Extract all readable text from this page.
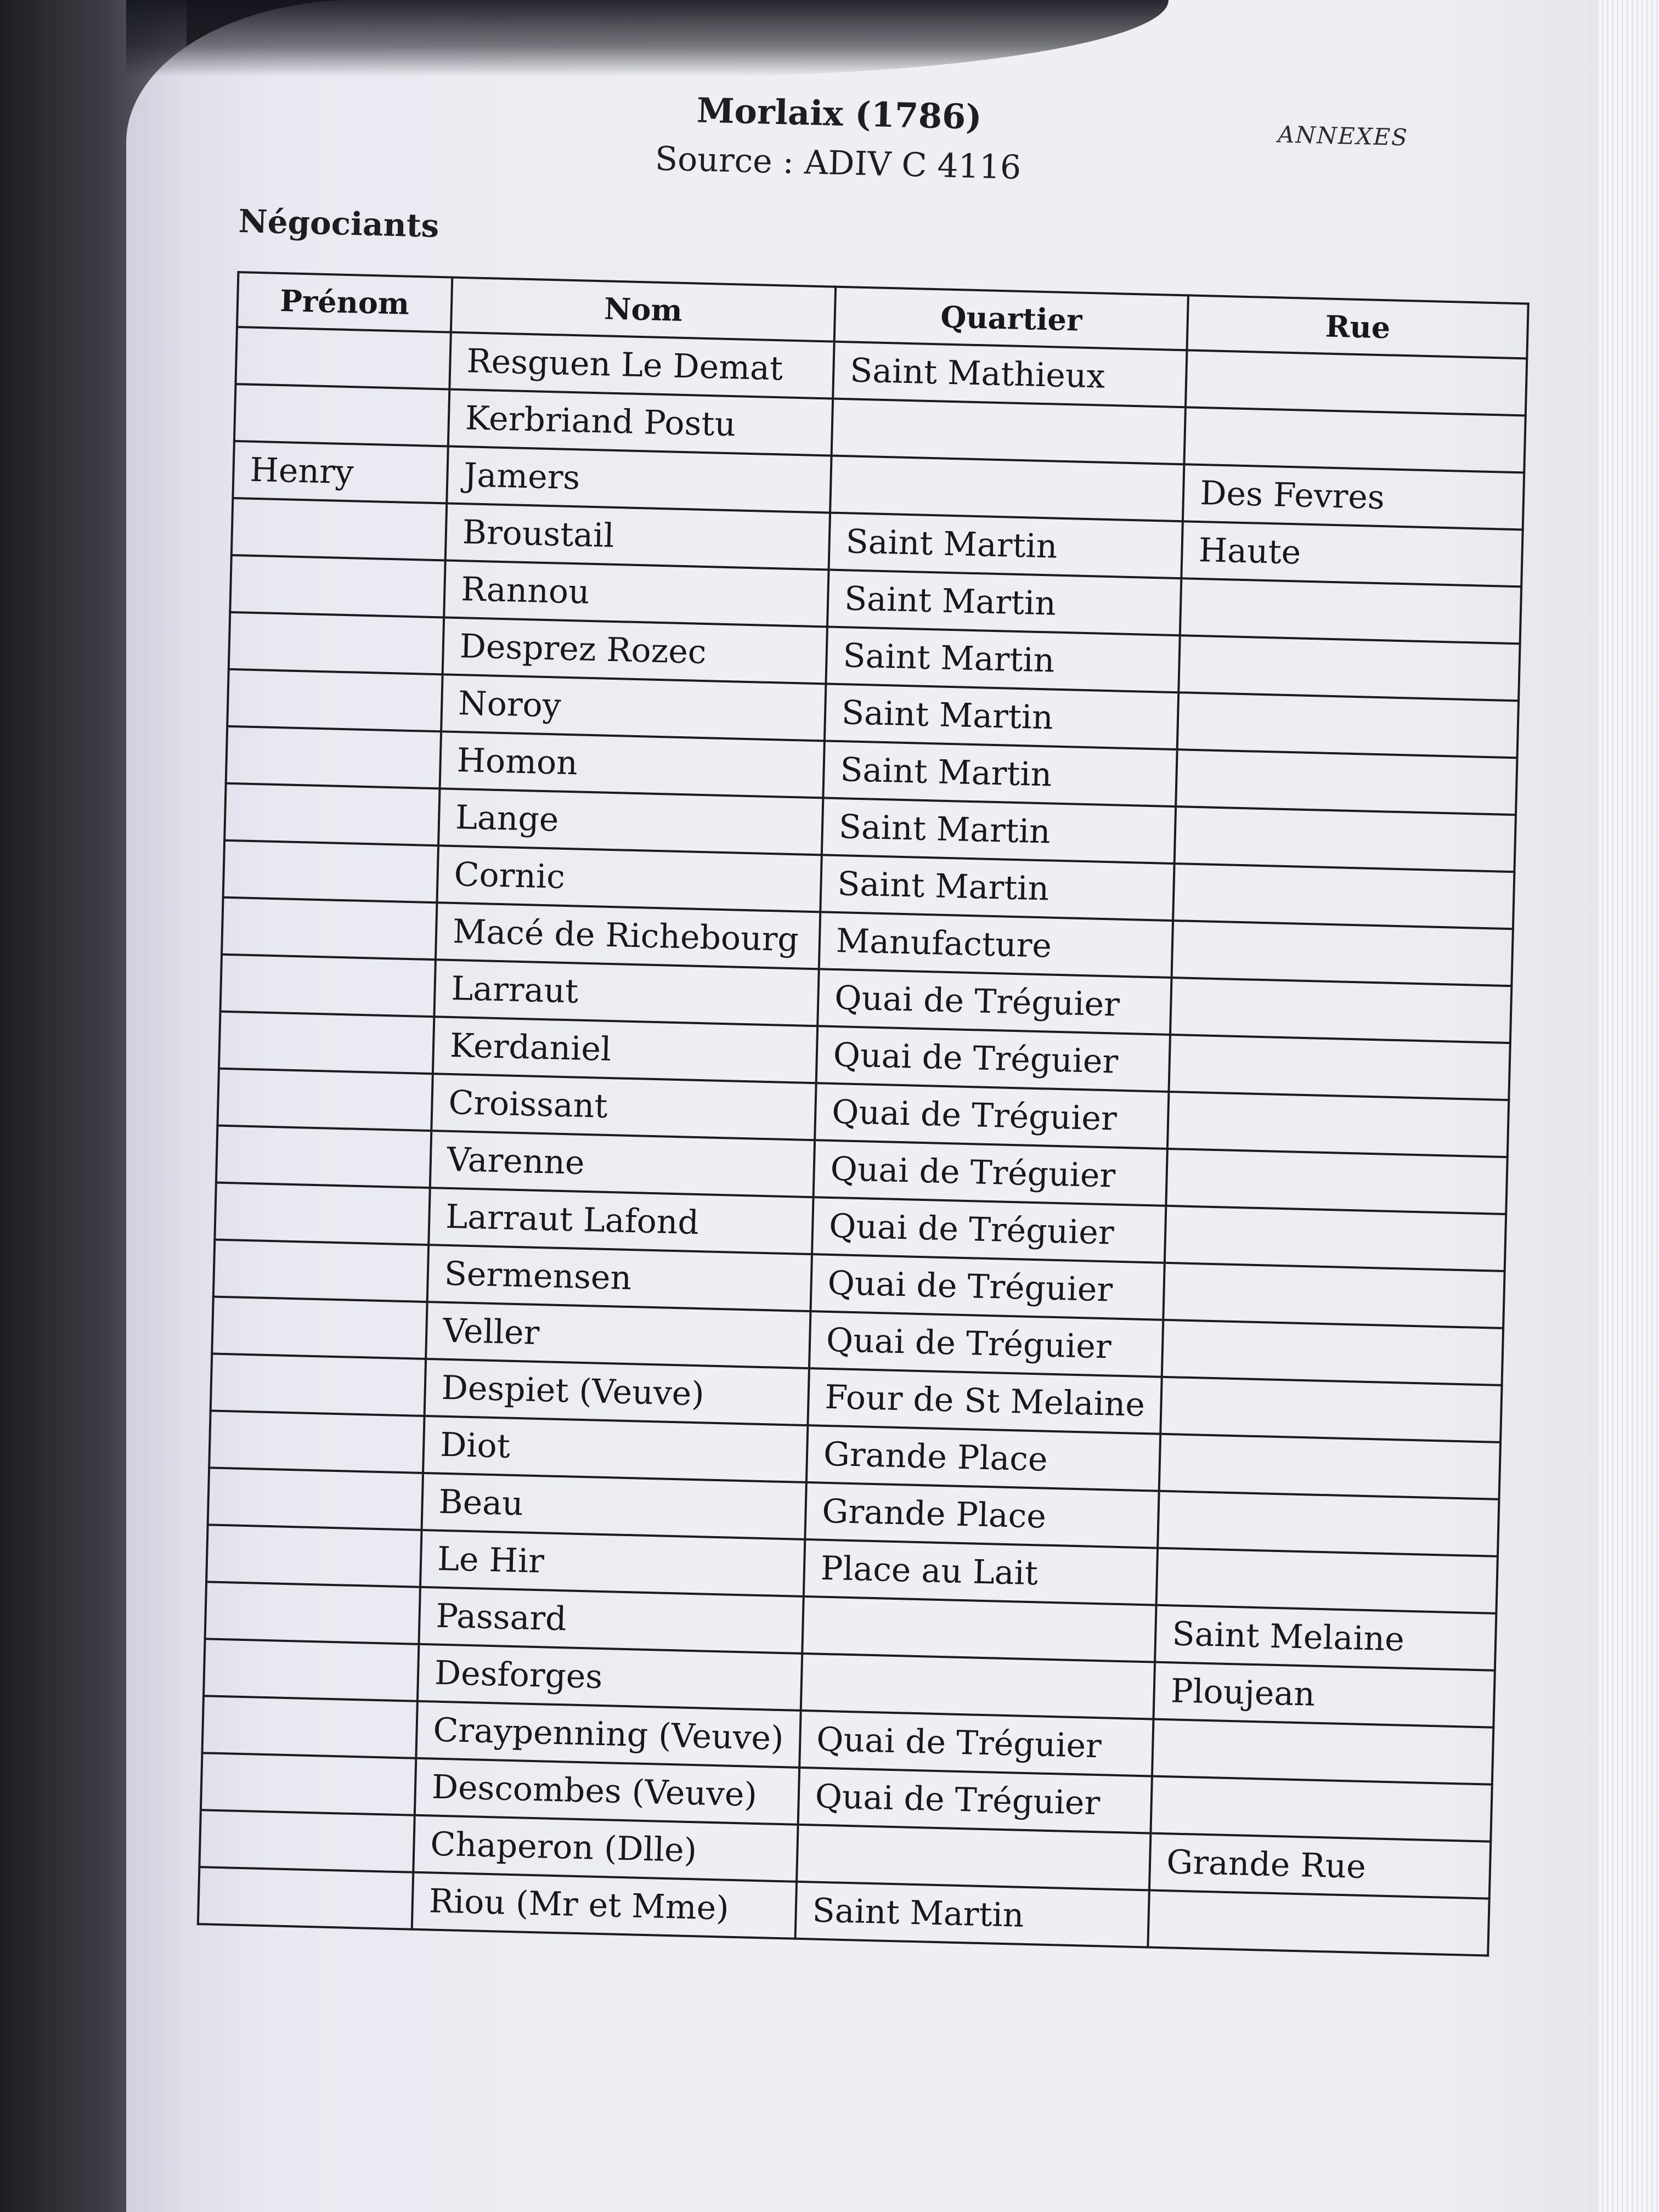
ANNEXES
Morlaix (1786)
Source : ADIV C 4116
Négociants
Prénom	Nom	Quartier	Rue
	Resguen Le Demat	Saint Mathieux	
	Kerbriand Postu		
Henry	Jamers		Des Fevres
	Broustail	Saint Martin	Haute
	Rannou	Saint Martin	
	Desprez Rozec	Saint Martin	
	Noroy	Saint Martin	
	Homon	Saint Martin	
	Lange	Saint Martin	
	Cornic	Saint Martin	
	Macé de Richebourg	Manufacture	
	Larraut	Quai de Tréguier	
	Kerdaniel	Quai de Tréguier	
	Croissant	Quai de Tréguier	
	Varenne	Quai de Tréguier	
	Larraut Lafond	Quai de Tréguier	
	Sermensen	Quai de Tréguier	
	Veller	Quai de Tréguier	
	Despiet (Veuve)	Four de St Melaine	
	Diot	Grande Place	
	Beau	Grande Place	
	Le Hir	Place au Lait	
	Passard		Saint Melaine
	Desforges		Ploujean
	Craypenning (Veuve)	Quai de Tréguier	
	Descombes (Veuve)	Quai de Tréguier	
	Chaperon (Dlle)		Grande Rue
	Riou (Mr et Mme)	Saint Martin	
